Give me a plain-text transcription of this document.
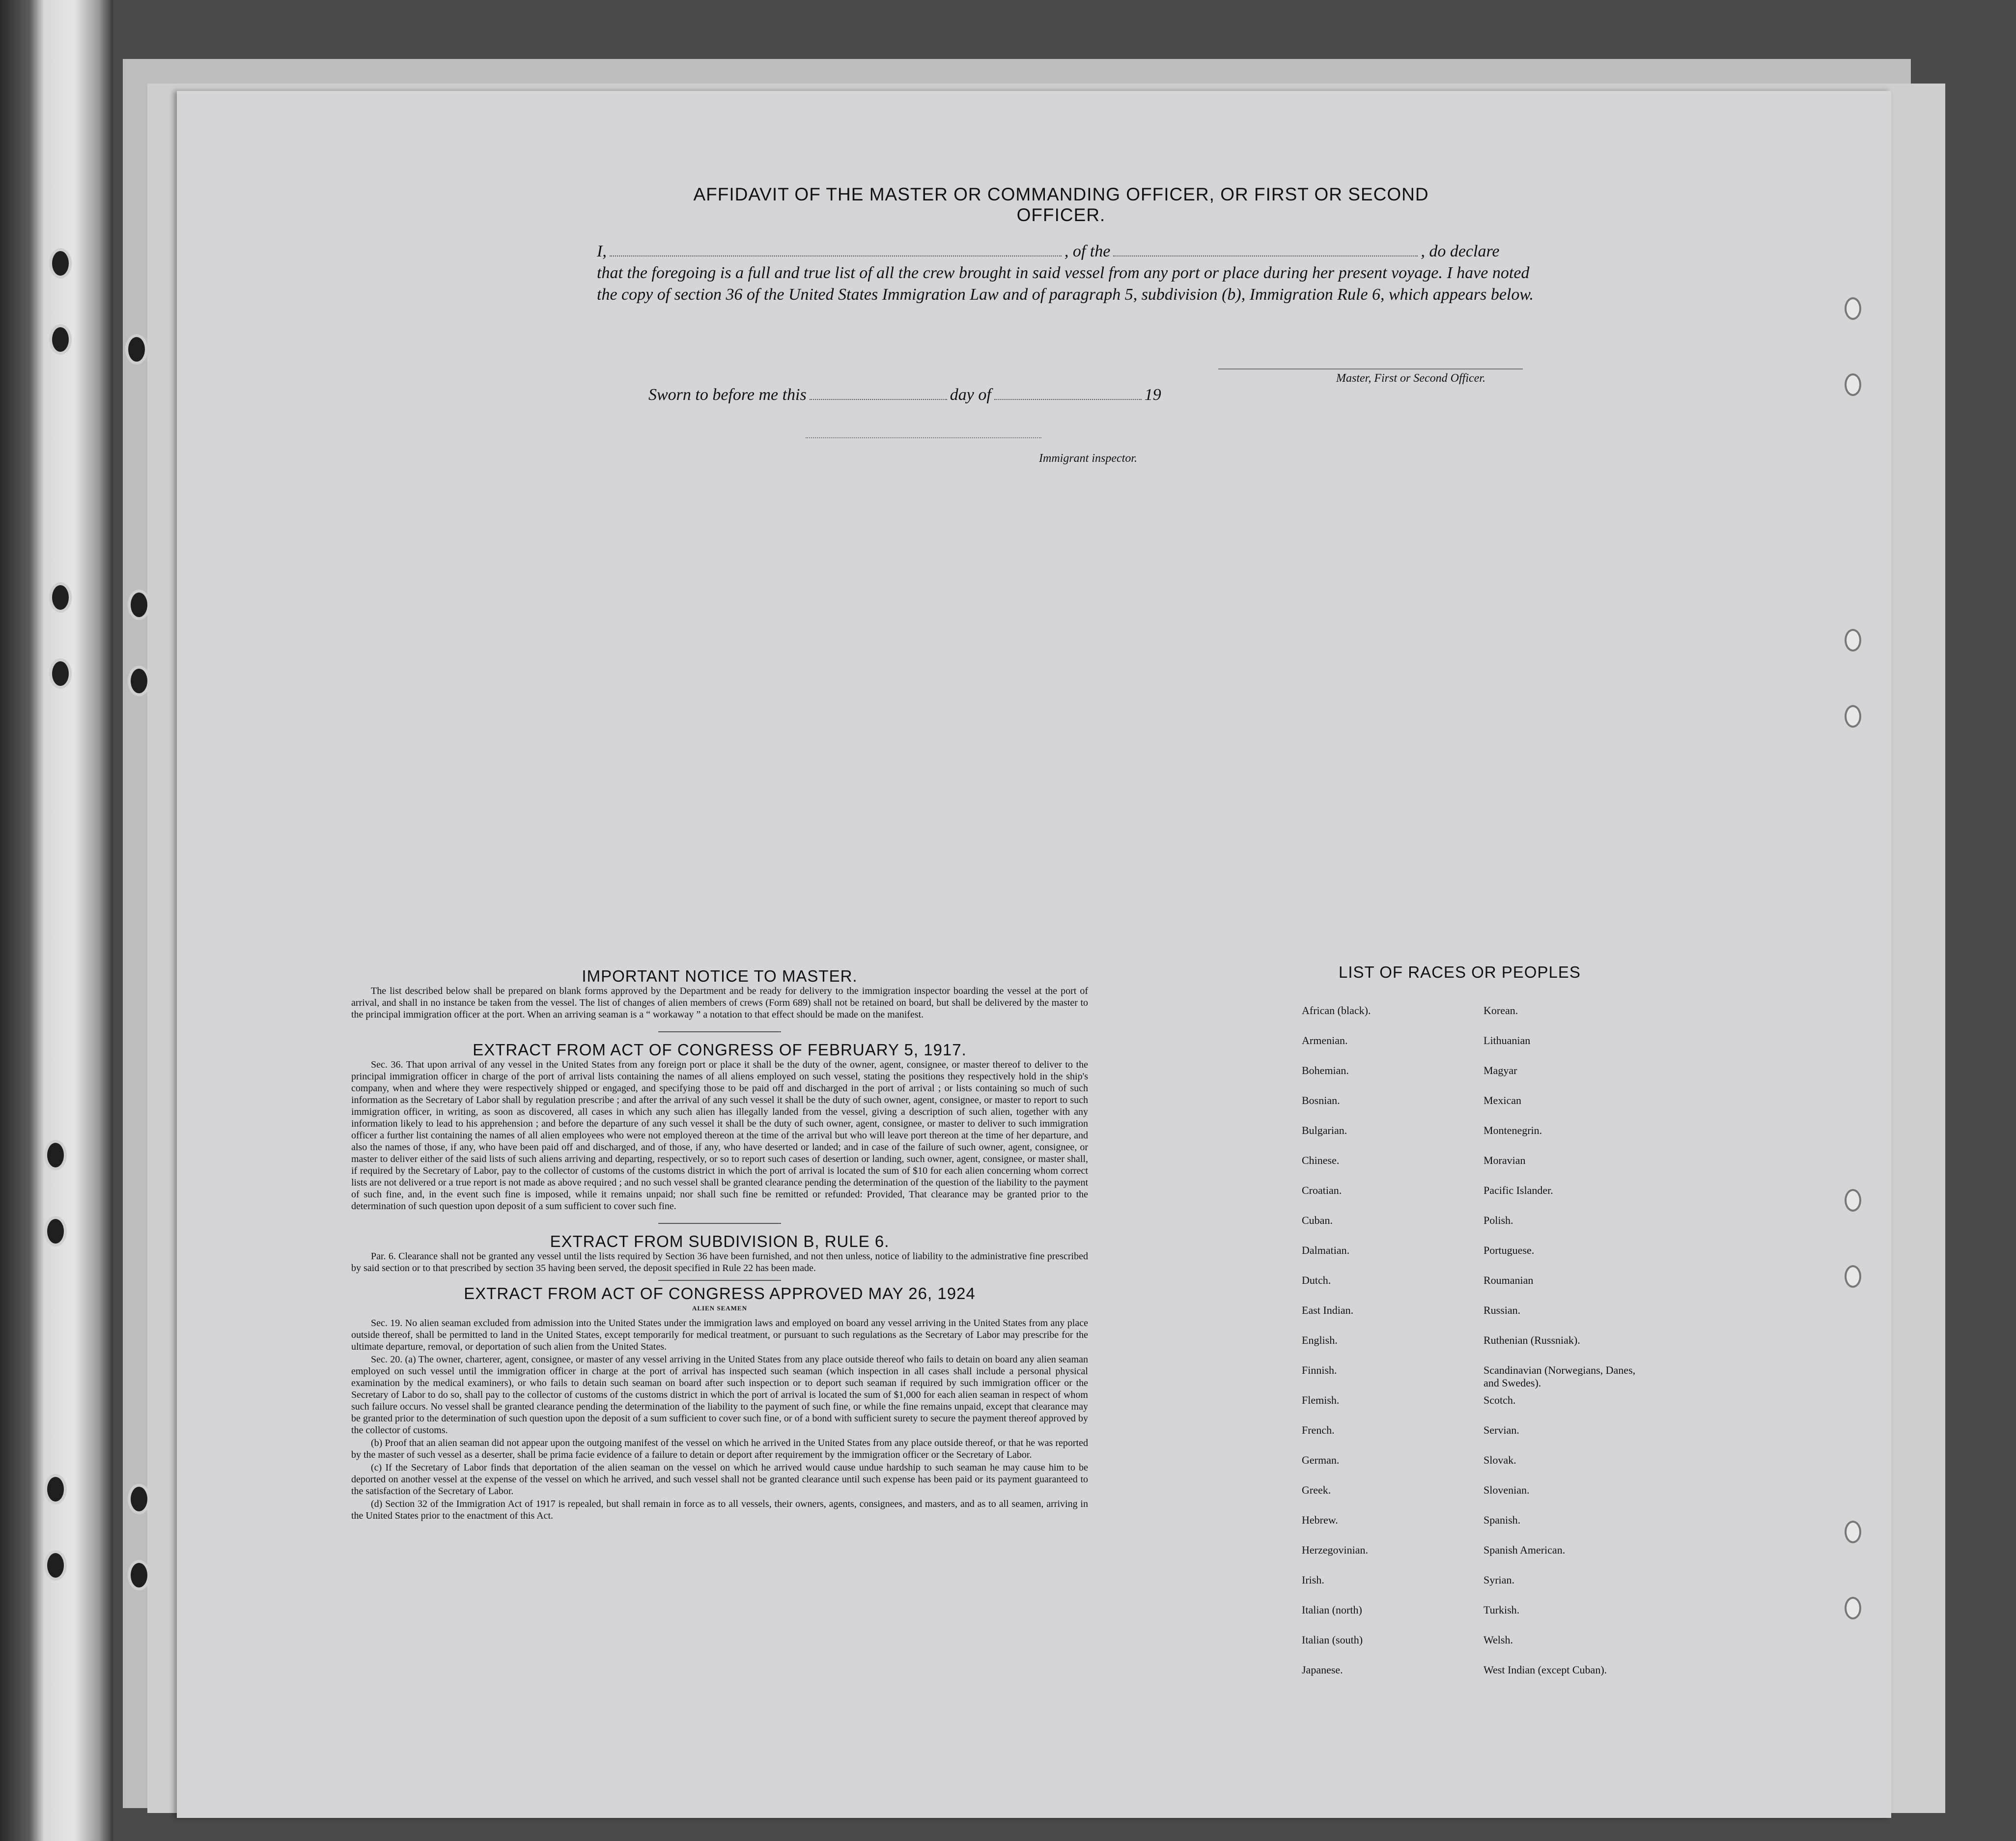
AFFIDAVIT OF THE MASTER OR COMMANDING OFFICER, OR FIRST OR SECOND OFFICER.
I,	, of the	, do declare
that the foregoing is a full and true list of all the crew brought in said vessel from any port or place during her present voyage. I have noted the copy of section 36 of the United States Immigration Law and of paragraph 5, subdivision (b), Immigration Rule 6, which appears below.
Master, First or Second Officer.
Sworn to before me this	day of	19
Immigrant inspector.
IMPORTANT NOTICE TO MASTER.

The list described below shall be prepared on blank forms approved by the Department and be ready for delivery to the immigration inspector boarding the vessel at the port of arrival, and shall in no instance be taken from the vessel. The list of changes of alien members of crews (Form 689) shall not be retained on board, but shall be delivered by the master to the principal immigration officer at the port. When an arriving seaman is a “ workaway ” a notation to that effect should be made on the manifest.

EXTRACT FROM ACT OF CONGRESS OF FEBRUARY 5, 1917.

Sec. 36. That upon arrival of any vessel in the United States from any foreign port or place it shall be the duty of the owner, agent, consignee, or master thereof to deliver to the principal immigration officer in charge of the port of arrival lists containing the names of all aliens employed on such vessel, stating the positions they respectively hold in the ship's company, when and where they were respectively shipped or engaged, and specifying those to be paid off and discharged in the port of arrival ; or lists containing so much of such information as the Secretary of Labor shall by regulation prescribe ; and after the arrival of any such vessel it shall be the duty of such owner, agent, consignee, or master to report to such immigration officer, in writing, as soon as discovered, all cases in which any such alien has illegally landed from the vessel, giving a description of such alien, together with any information likely to lead to his apprehension ; and before the departure of any such vessel it shall be the duty of such owner, agent, consignee, or master to deliver to such immigration officer a further list containing the names of all alien employees who were not employed thereon at the time of the arrival but who will leave port thereon at the time of her departure, and also the names of those, if any, who have been paid off and discharged, and of those, if any, who have deserted or landed; and in case of the failure of such owner, agent, consignee, or master to deliver either of the said lists of such aliens arriving and departing, respectively, or so to report such cases of desertion or landing, such owner, agent, consignee, or master shall, if required by the Secretary of Labor, pay to the collector of customs of the customs district in which the port of arrival is located the sum of $10 for each alien concerning whom correct lists are not delivered or a true report is not made as above required ; and no such vessel shall be granted clearance pending the determination of the question of the liability to the payment of such fine, and, in the event such fine is imposed, while it remains unpaid; nor shall such fine be remitted or refunded: Provided, That clearance may be granted prior to the determination of such question upon deposit of a sum sufficient to cover such fine.

EXTRACT FROM SUBDIVISION B, RULE 6.

Par. 6. Clearance shall not be granted any vessel until the lists required by Section 36 have been furnished, and not then unless, notice of liability to the administrative fine prescribed by said section or to that prescribed by section 35 having been served, the deposit specified in Rule 22 has been made.

EXTRACT FROM ACT OF CONGRESS APPROVED MAY 26, 1924
ALIEN SEAMEN

Sec. 19. No alien seaman excluded from admission into the United States under the immigration laws and employed on board any vessel arriving in the United States from any place outside thereof, shall be permitted to land in the United States, except temporarily for medical treatment, or pursuant to such regulations as the Secretary of Labor may prescribe for the ultimate departure, removal, or deportation of such alien from the United States.

Sec. 20. (a) The owner, charterer, agent, consignee, or master of any vessel arriving in the United States from any place outside thereof who fails to detain on board any alien seaman employed on such vessel until the immigration officer in charge at the port of arrival has inspected such seaman (which inspection in all cases shall include a personal physical examination by the medical examiners), or who fails to detain such seaman on board after such inspection or to deport such seaman if required by such immigration officer or the Secretary of Labor to do so, shall pay to the collector of customs of the customs district in which the port of arrival is located the sum of $1,000 for each alien seaman in respect of whom such failure occurs. No vessel shall be granted clearance pending the determination of the liability to the payment of such fine, or while the fine remains unpaid, except that clearance may be granted prior to the determination of such question upon the deposit of a sum sufficient to cover such fine, or of a bond with sufficient surety to secure the payment thereof approved by the collector of customs.

(b) Proof that an alien seaman did not appear upon the outgoing manifest of the vessel on which he arrived in the United States from any place outside thereof, or that he was reported by the master of such vessel as a deserter, shall be prima facie evidence of a failure to detain or deport after requirement by the immigration officer or the Secretary of Labor.

(c) If the Secretary of Labor finds that deportation of the alien seaman on the vessel on which he arrived would cause undue hardship to such seaman he may cause him to be deported on another vessel at the expense of the vessel on which he arrived, and such vessel shall not be granted clearance until such expense has been paid or its payment guaranteed to the satisfaction of the Secretary of Labor.

(d) Section 32 of the Immigration Act of 1917 is repealed, but shall remain in force as to all vessels, their owners, agents, consignees, and masters, and as to all seamen, arriving in the United States prior to the enactment of this Act.

LIST OF RACES OR PEOPLES
African (black).
Armenian.
Bohemian.
Bosnian.
Bulgarian.
Chinese.
Croatian.
Cuban.
Dalmatian.
Dutch.
East Indian.
English.
Finnish.
Flemish.
French.
German.
Greek.
Hebrew.
Herzegovinian.
Irish.
Italian (north)
Italian (south)
Japanese.
Korean.
Lithuanian
Magyar
Mexican
Montenegrin.
Moravian
Pacific Islander.
Polish.
Portuguese.
Roumanian
Russian.
Ruthenian (Russniak).
Scandinavian (Norwegians, Danes, and Swedes).
Scotch.
Servian.
Slovak.
Slovenian.
Spanish.
Spanish American.
Syrian.
Turkish.
Welsh.
West Indian (except Cuban).
